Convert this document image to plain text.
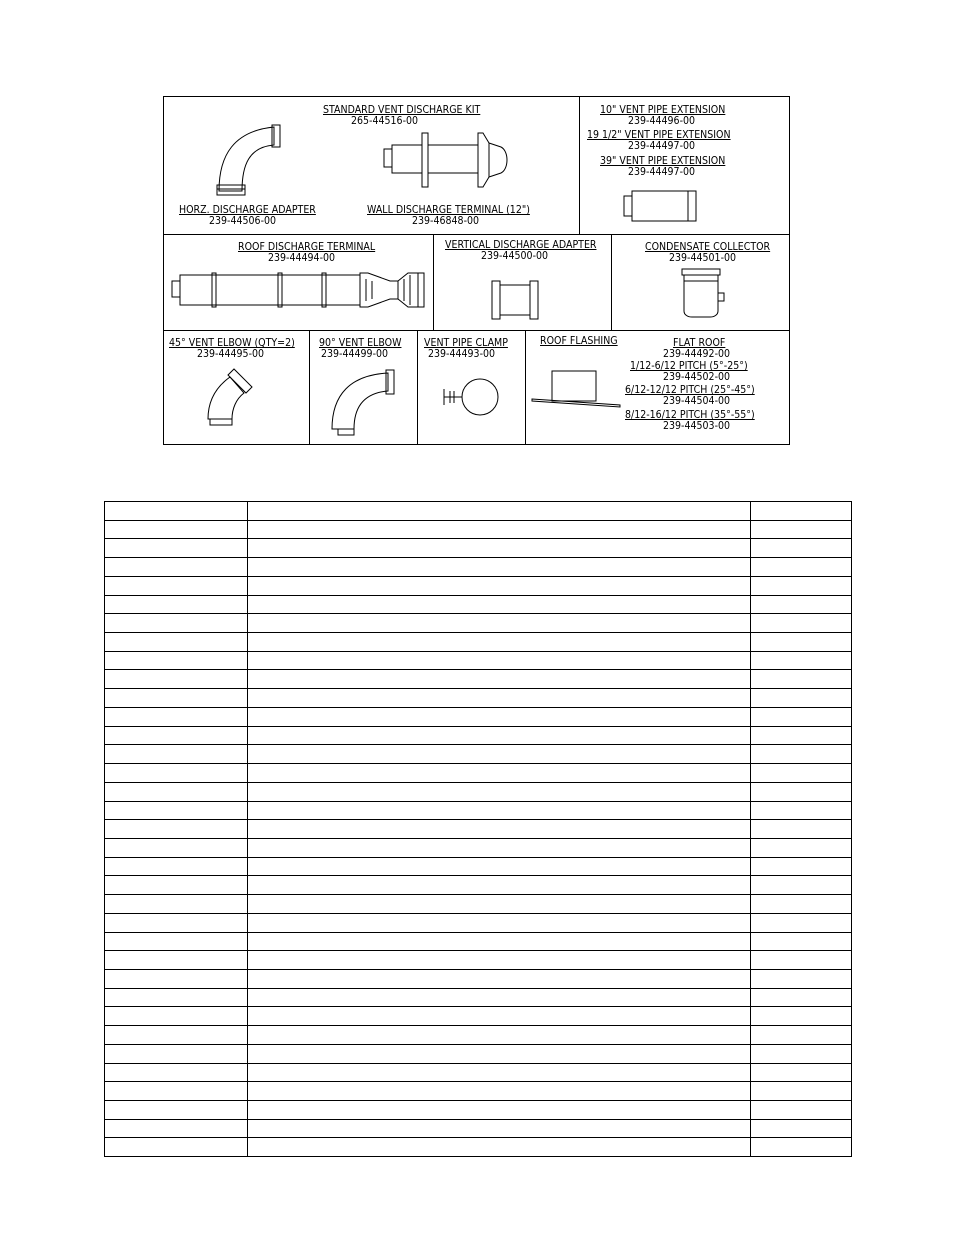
STANDARD VENT DISCHARGE KIT
265-44516-00
HORZ. DISCHARGE ADAPTER
239-44506-00
WALL DISCHARGE TERMINAL (12")
239-46848-00
10" VENT PIPE EXTENSION
239-44496-00
19 1/2" VENT PIPE EXTENSION
239-44497-00
39" VENT PIPE EXTENSION
239-44497-00
ROOF DISCHARGE TERMINAL
239-44494-00
VERTICAL DISCHARGE ADAPTER
239-44500-00
CONDENSATE COLLECTOR
239-44501-00
45° VENT ELBOW (QTY=2)
239-44495-00
90° VENT ELBOW
239-44499-00
VENT PIPE CLAMP
239-44493-00
ROOF FLASHING	FLAT ROOF
239-44492-00
1/12-6/12 PITCH (5°-25°)
239-44502-00
6/12-12/12 PITCH (25°-45°)
239-44504-00
8/12-16/12 PITCH (35°-55°)
239-44503-00
